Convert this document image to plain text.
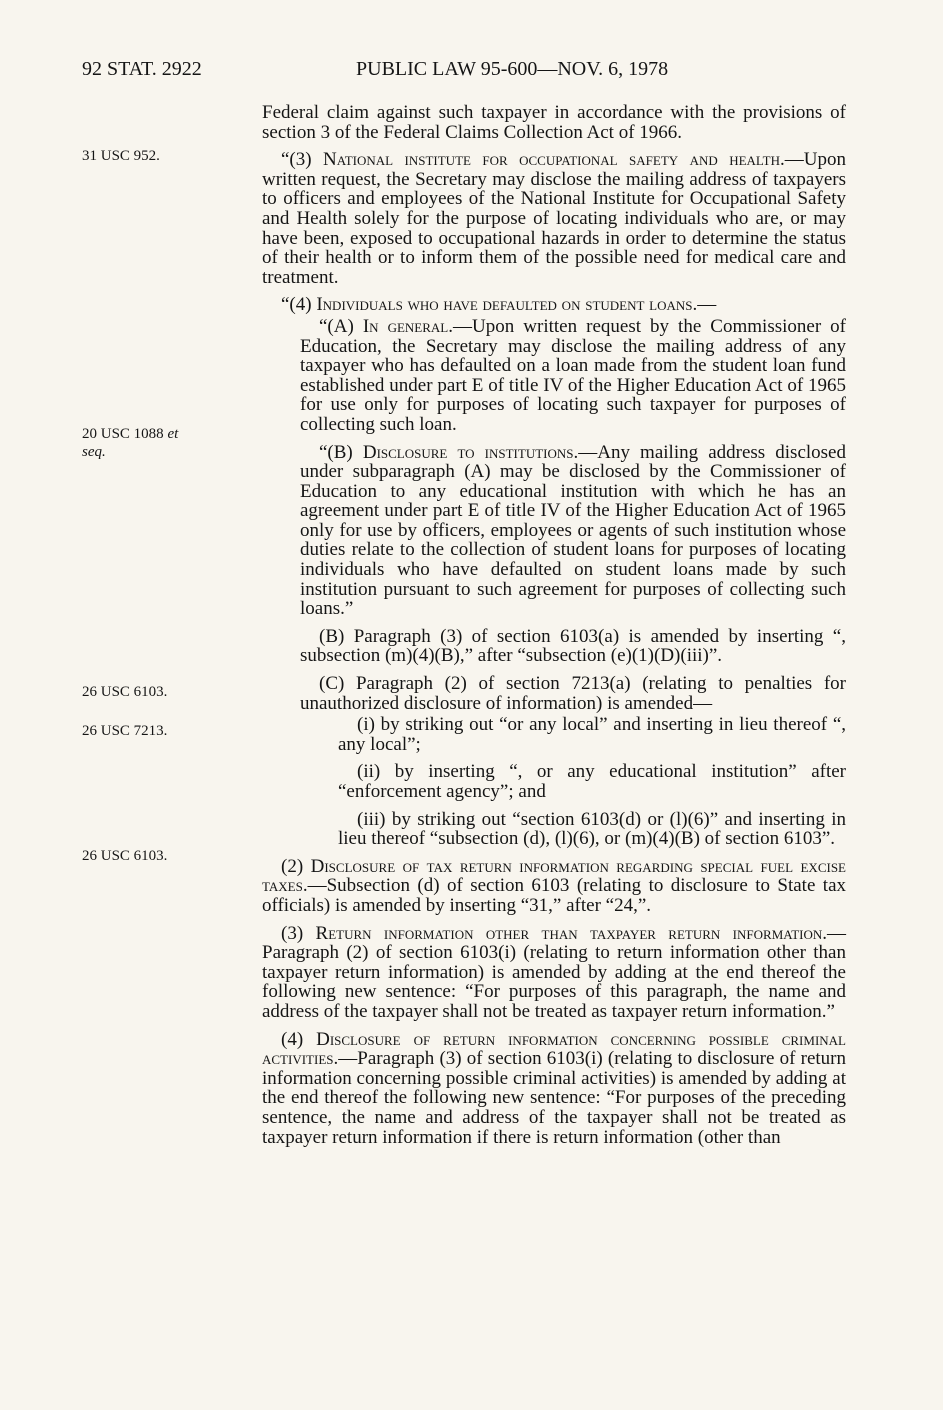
92 STAT. 2922	PUBLIC LAW 95-600—NOV. 6, 1978
31 USC 952.
20 USC 1088 et
seq.
26 USC 6103.
26 USC 7213.
26 USC 6103.

Federal claim against such taxpayer in accordance with the provisions of section 3 of the Federal Claims Collection Act of 1966.

“(3) National institute for occupational safety and health.—Upon written request, the Secretary may disclose the mailing address of taxpayers to officers and employees of the National Institute for Occupational Safety and Health solely for the purpose of locating individuals who are, or may have been, exposed to occupational hazards in order to determine the status of their health or to inform them of the possible need for medical care and treatment.

“(4) Individuals who have defaulted on student loans.—

“(A) In general.—Upon written request by the Commissioner of Education, the Secretary may disclose the mailing address of any taxpayer who has defaulted on a loan made from the student loan fund established under part E of title IV of the Higher Education Act of 1965 for use only for purposes of locating such taxpayer for purposes of collecting such loan.

“(B) Disclosure to institutions.—Any mailing address disclosed under subparagraph (A) may be disclosed by the Commissioner of Education to any educational institution with which he has an agreement under part E of title IV of the Higher Education Act of 1965 only for use by officers, employees or agents of such institution whose duties relate to the collection of student loans for purposes of locating individuals who have defaulted on student loans made by such institution pursuant to such agreement for purposes of collecting such loans.”

(B) Paragraph (3) of section 6103(a) is amended by inserting “, subsection (m)(4)(B),” after “subsection (e)(1)(D)(iii)”.

(C) Paragraph (2) of section 7213(a) (relating to penalties for unauthorized disclosure of information) is amended—

(i) by striking out “or any local” and inserting in lieu thereof “, any local”;

(ii) by inserting “, or any educational institution” after “enforcement agency”; and

(iii) by striking out “section 6103(d) or (l)(6)” and inserting in lieu thereof “subsection (d), (l)(6), or (m)(4)(B) of section 6103”.

(2) Disclosure of tax return information regarding special fuel excise taxes.—Subsection (d) of section 6103 (relating to disclosure to State tax officials) is amended by inserting “31,” after “24,”.

(3) Return information other than taxpayer return information.—Paragraph (2) of section 6103(i) (relating to return information other than taxpayer return information) is amended by adding at the end thereof the following new sentence: “For purposes of this paragraph, the name and address of the taxpayer shall not be treated as taxpayer return information.”

(4) Disclosure of return information concerning possible criminal activities.—Paragraph (3) of section 6103(i) (relating to disclosure of return information concerning possible criminal activities) is amended by adding at the end thereof the following new sentence: “For purposes of the preceding sentence, the name and address of the taxpayer shall not be treated as taxpayer return information if there is return information (other than
